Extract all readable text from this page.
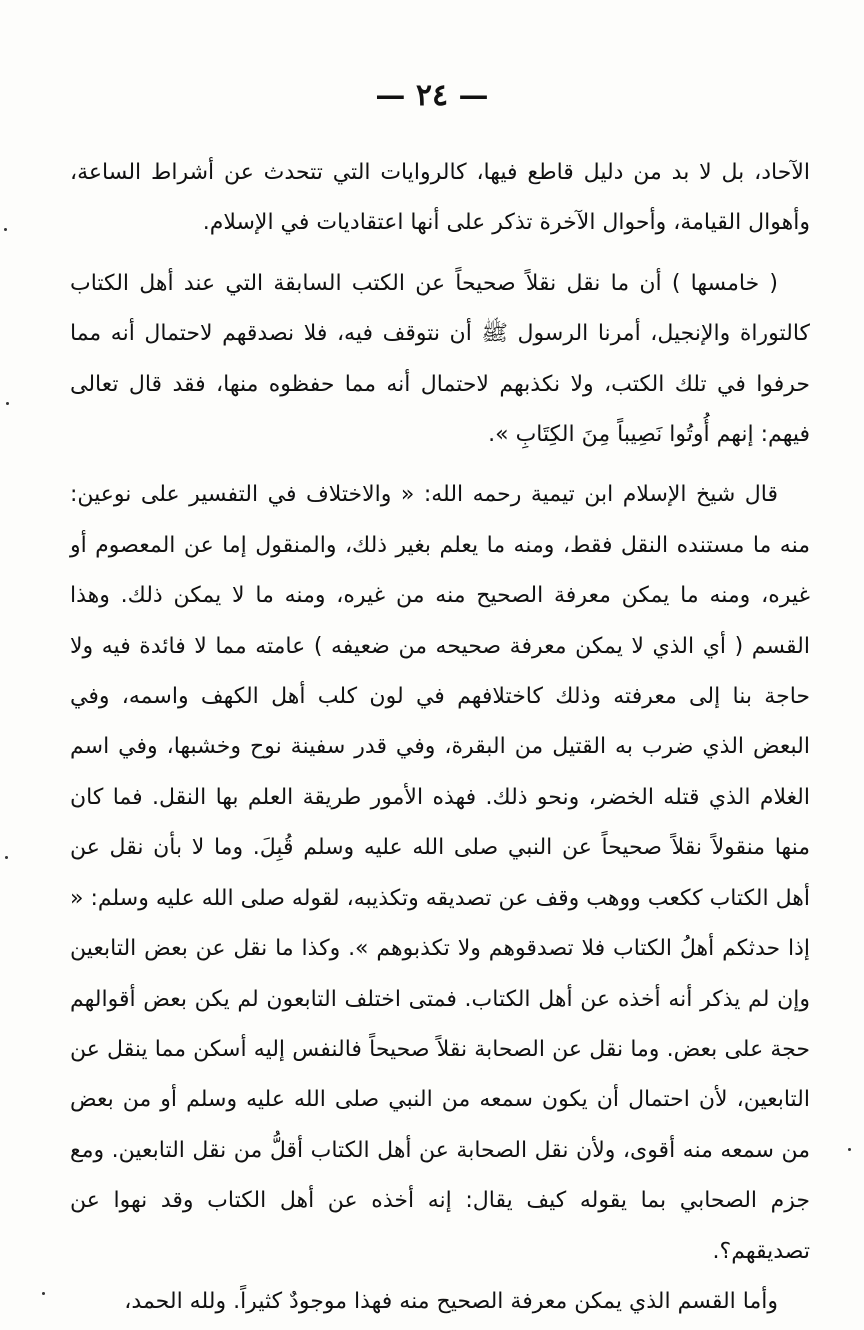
— ٢٤ —

الآحاد، بل لا بد من دليل قاطع فيها، كالروايات التي تتحدث عن أشراط الساعة، وأهوال القيامة، وأحوال الآخرة تذكر على أنها اعتقاديات في الإسلام.

( خامسها ) أن ما نقل نقلاً صحيحاً عن الكتب السابقة التي عند أهل الكتاب كالتوراة والإنجيل، أمرنا الرسول ﷺ أن نتوقف فيه، فلا نصدقهم لاحتمال أنه مما حرفوا في تلك الكتب، ولا نكذبهم لاحتمال أنه مما حفظوه منها، فقد قال تعالى فيهم: إنهم أُوتُوا نَصِيباً مِنَ الكِتَابِ ».

قال شيخ الإسلام ابن تيمية رحمه الله: « والاختلاف في التفسير على نوعين: منه ما مستنده النقل فقط، ومنه ما يعلم بغير ذلك، والمنقول إما عن المعصوم أو غيره، ومنه ما يمكن معرفة الصحيح منه من غيره، ومنه ما لا يمكن ذلك. وهذا القسم ( أي الذي لا يمكن معرفة صحيحه من ضعيفه ) عامته مما لا فائدة فيه ولا حاجة بنا إلى معرفته وذلك كاختلافهم في لون كلب أهل الكهف واسمه، وفي البعض الذي ضرب به القتيل من البقرة، وفي قدر سفينة نوح وخشبها، وفي اسم الغلام الذي قتله الخضر، ونحو ذلك. فهذه الأمور طريقة العلم بها النقل. فما كان منها منقولاً نقلاً صحيحاً عن النبي صلى الله عليه وسلم قُبِلَ. وما لا بأن نقل عن أهل الكتاب ككعب ووهب وقف عن تصديقه وتكذيبه، لقوله صلى الله عليه وسلم: « إذا حدثكم أهلُ الكتاب فلا تصدقوهم ولا تكذبوهم ». وكذا ما نقل عن بعض التابعين وإن لم يذكر أنه أخذه عن أهل الكتاب. فمتى اختلف التابعون لم يكن بعض أقوالهم حجة على بعض. وما نقل عن الصحابة نقلاً صحيحاً فالنفس إليه أسكن مما ينقل عن التابعين، لأن احتمال أن يكون سمعه من النبي صلى الله عليه وسلم أو من بعض من سمعه منه أقوى، ولأن نقل الصحابة عن أهل الكتاب أقلُّ من نقل التابعين. ومع جزم الصحابي بما يقوله كيف يقال: إنه أخذه عن أهل الكتاب وقد نهوا عن تصديقهم؟.

وأما القسم الذي يمكن معرفة الصحيح منه فهذا موجودٌ كثيراً. ولله الحمد،
